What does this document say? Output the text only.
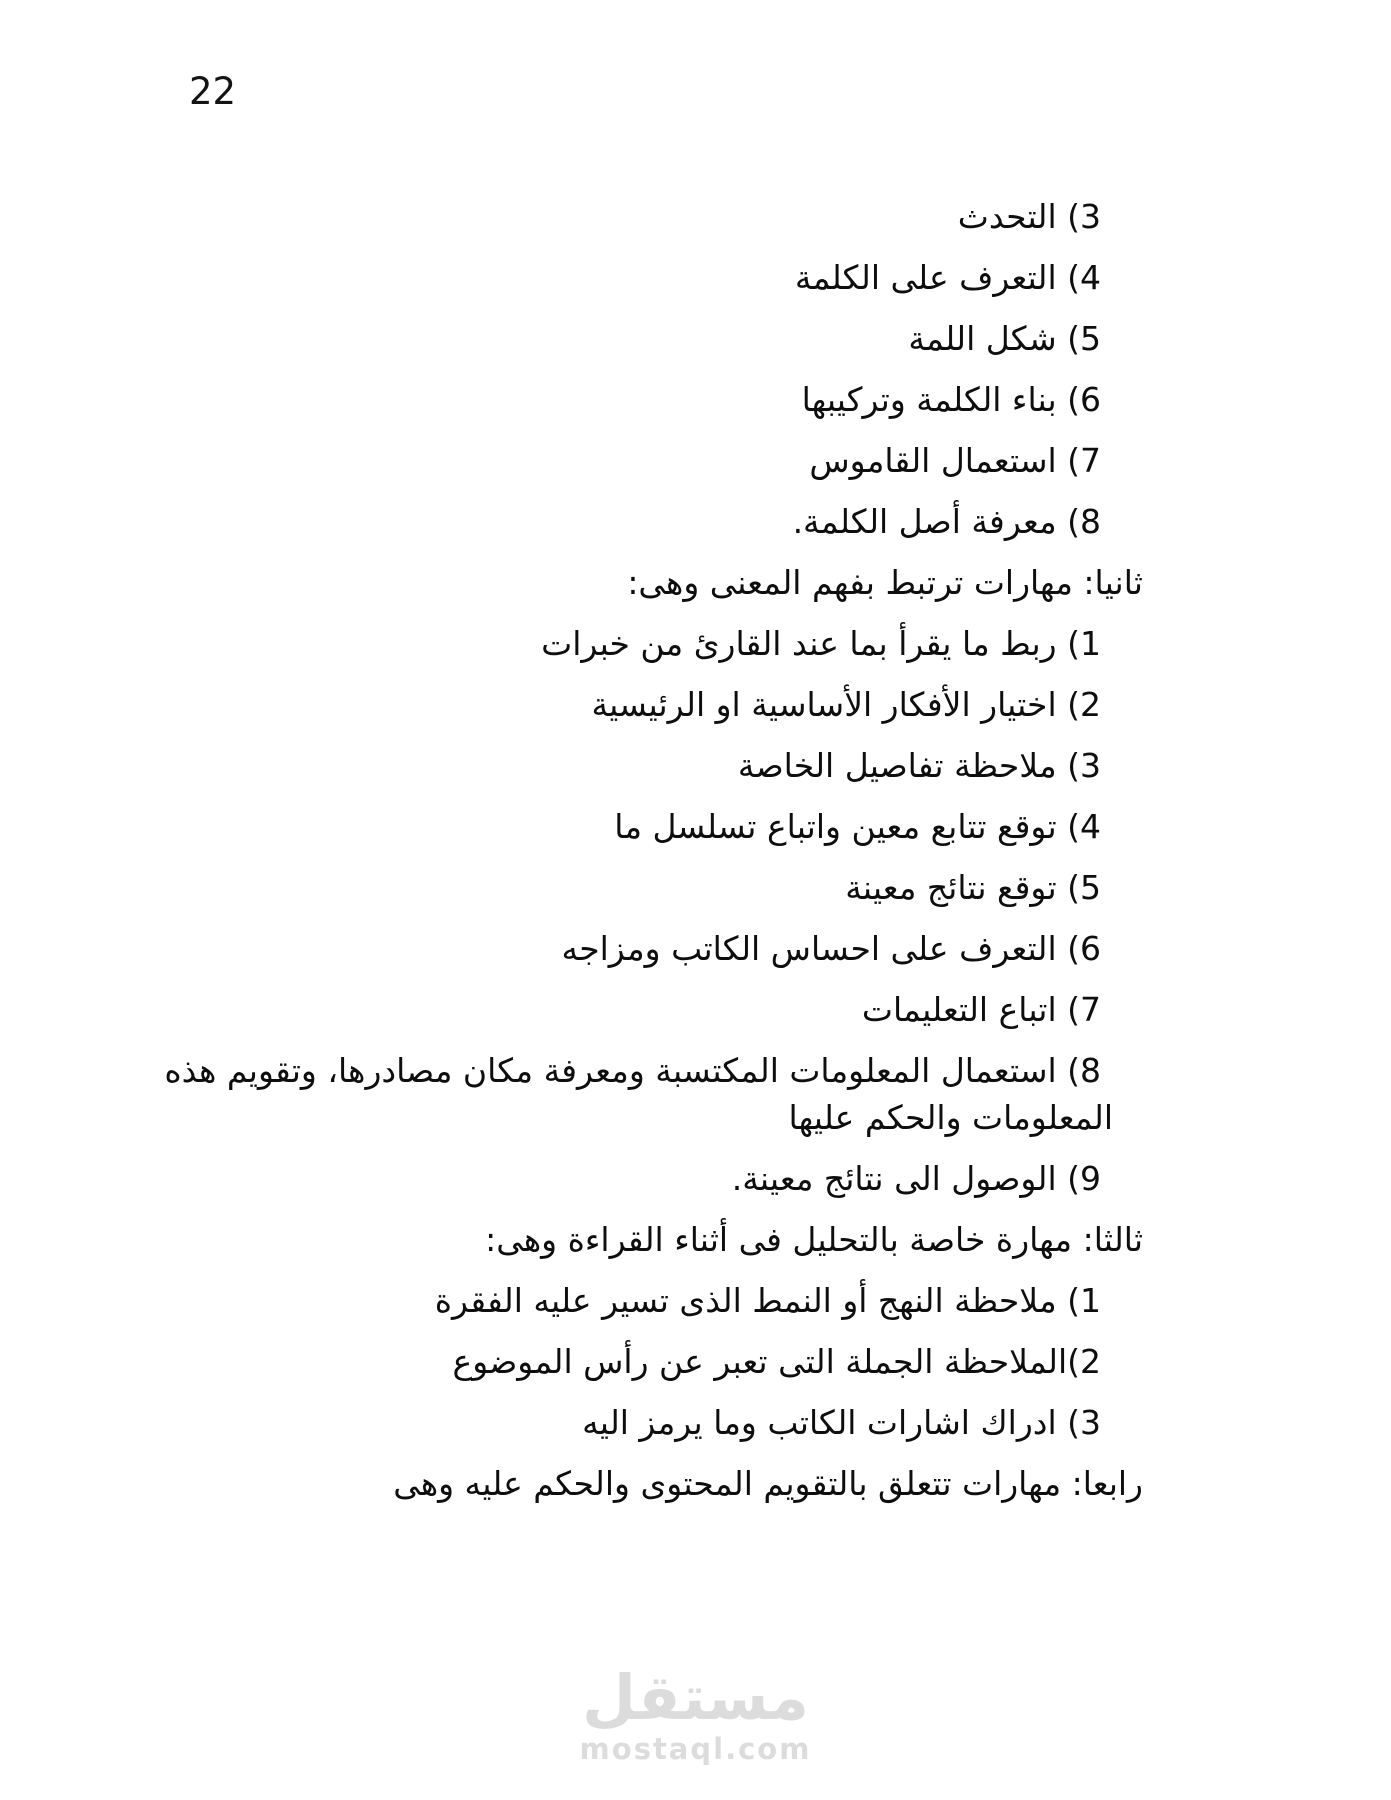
22
3) التحدث
4) التعرف على الكلمة
5) شكل اللمة
6) بناء الكلمة وتركيبها
7) استعمال القاموس
8) معرفة أصل الكلمة.
ثانيا: مهارات ترتبط بفهم المعنى وهى:
1) ربط ما يقرأ بما عند القارئ من خبرات
2) اختيار الأفكار الأساسية او الرئيسية
3) ملاحظة تفاصيل الخاصة
4) توقع تتابع معين واتباع تسلسل ما
5) توقع نتائج معينة
6) التعرف على احساس الكاتب ومزاجه
7) اتباع التعليمات
8) استعمال المعلومات المكتسبة ومعرفة مكان مصادرها، وتقويم هذه
المعلومات والحكم عليها
9) الوصول الى نتائج معينة.
ثالثا: مهارة خاصة بالتحليل فى أثناء القراءة وهى:
1) ملاحظة النهج أو النمط الذى تسير عليه الفقرة
2)الملاحظة الجملة التى تعبر عن رأس الموضوع
3) ادراك اشارات الكاتب وما يرمز اليه
رابعا: مهارات تتعلق بالتقويم المحتوى والحكم عليه وهى
مستقل
mostaql.com
